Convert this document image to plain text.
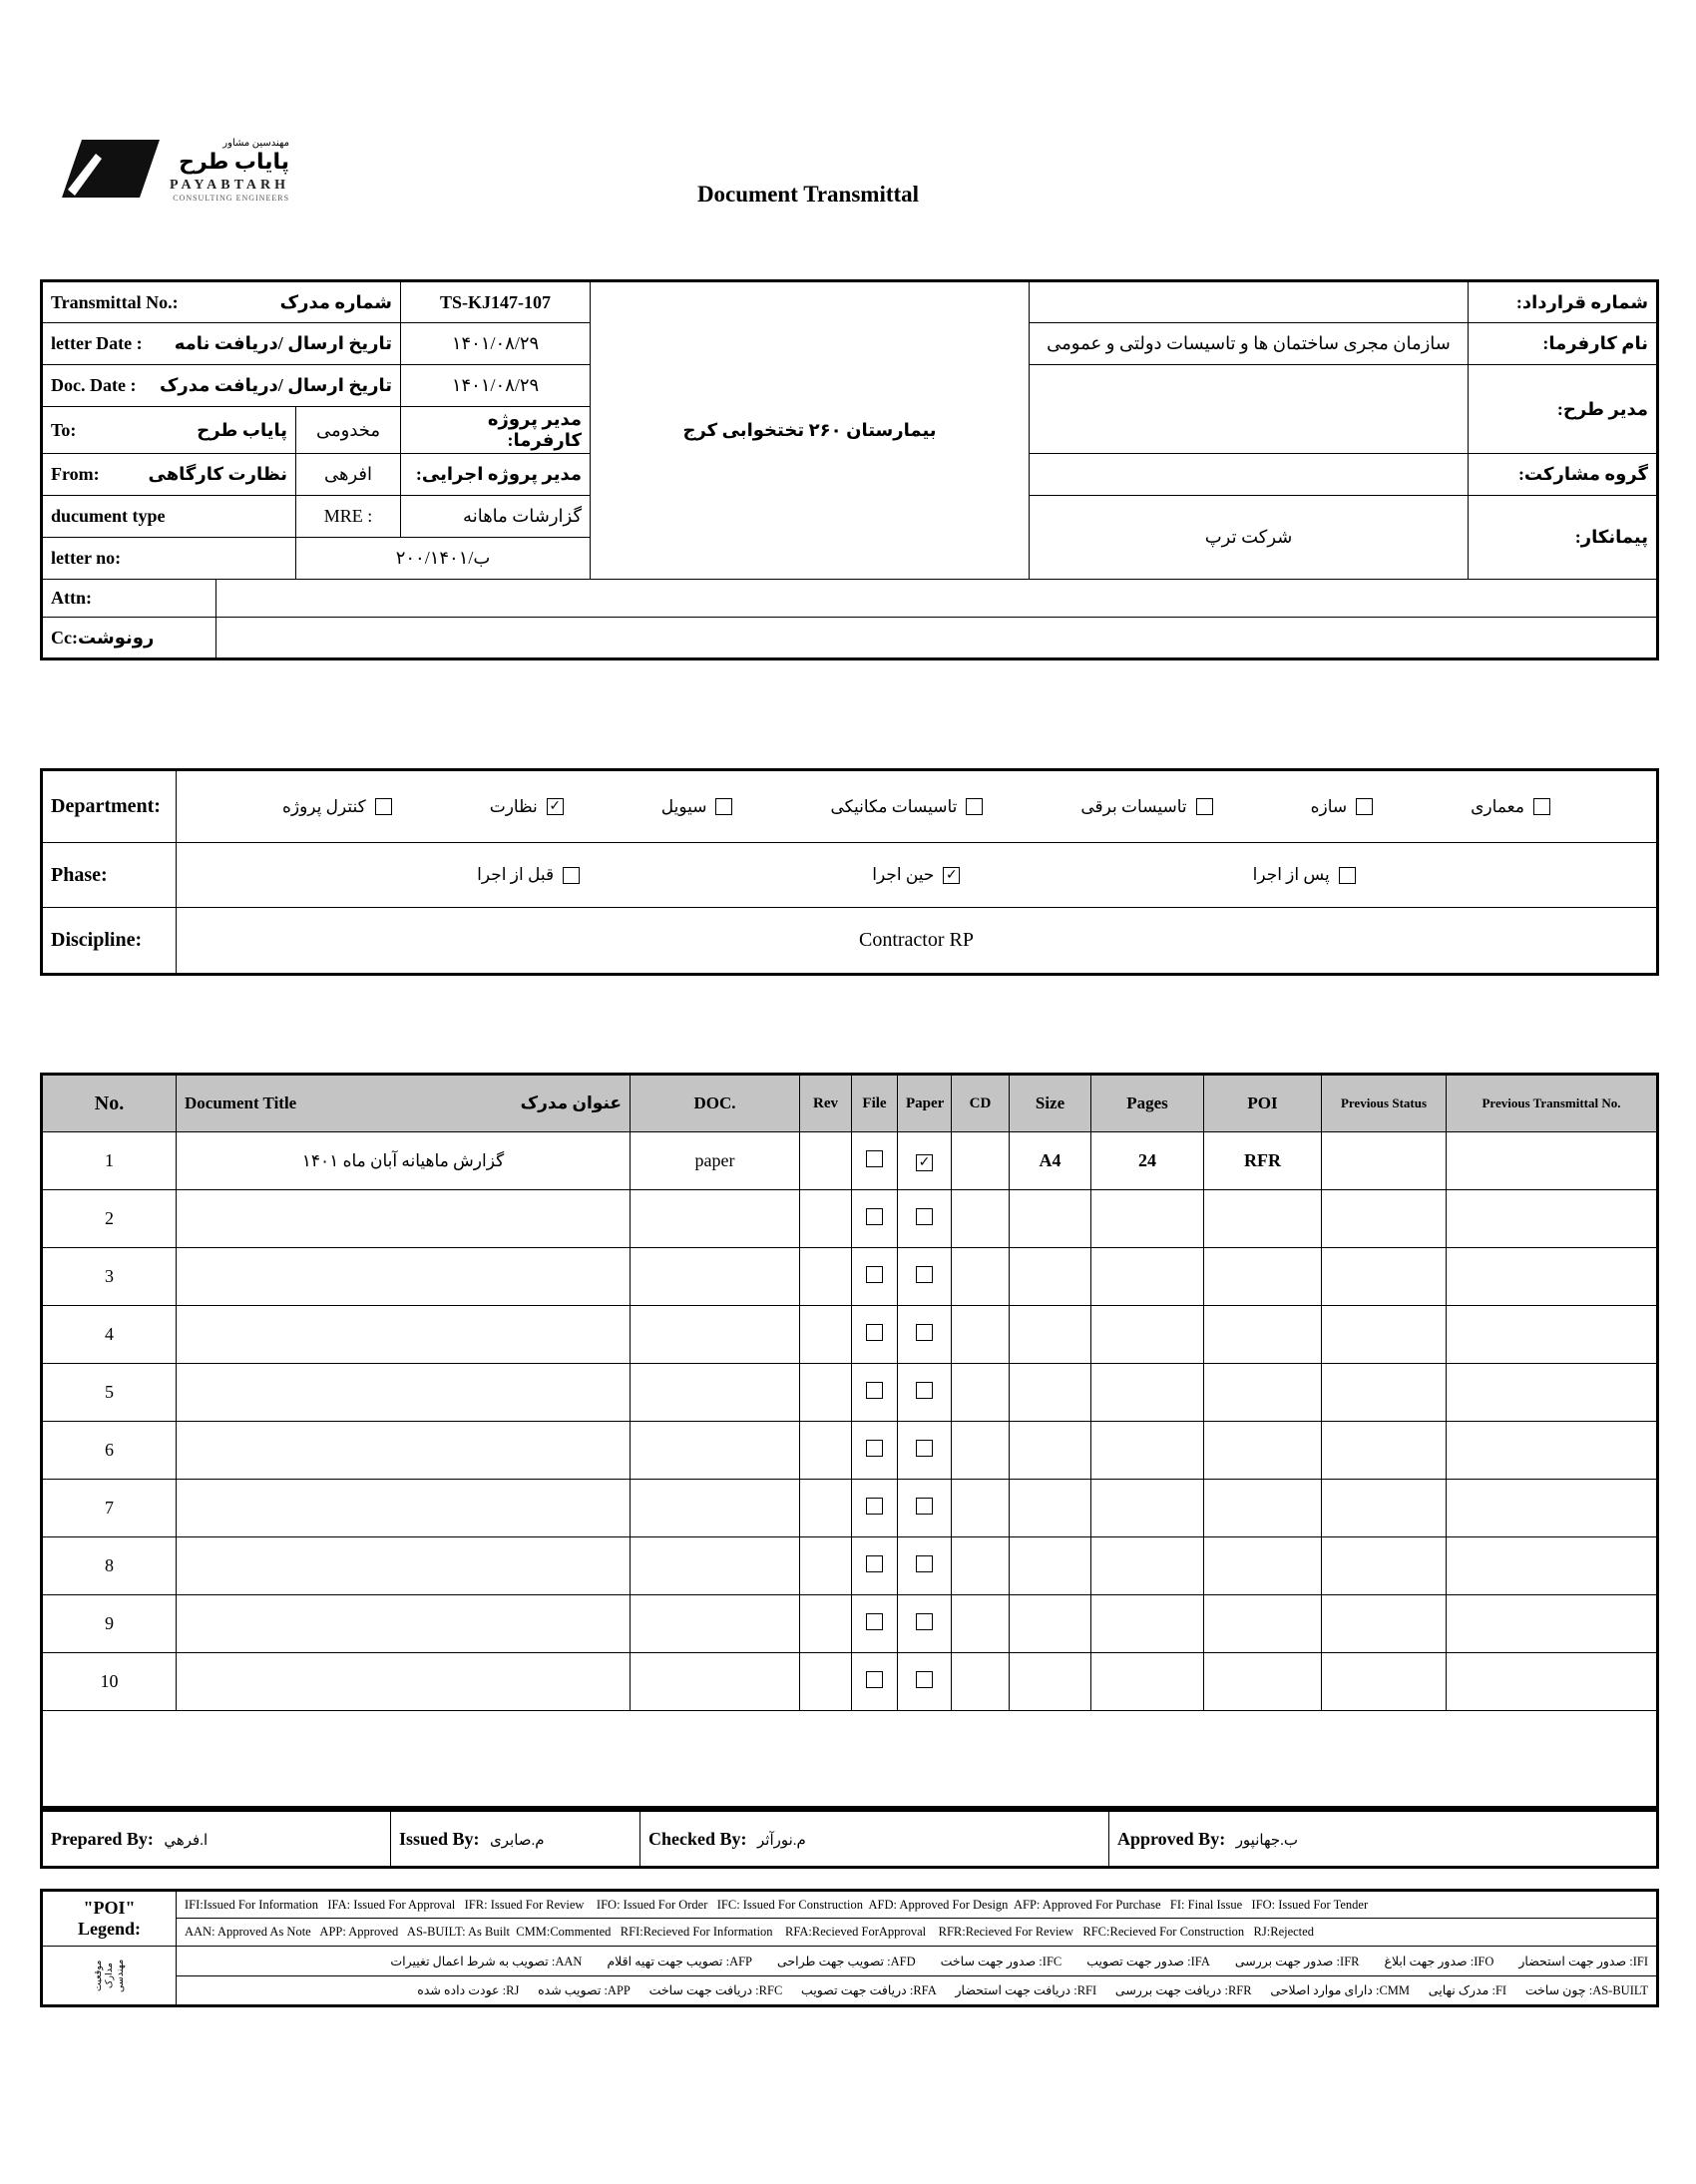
مهندسین مشاور
پایاب طرح
PAYABTARH
CONSULTING ENGINEERS	Document Transmittal
Transmittal No.: شماره مدرک			TS-KJ147-107	بیمارستان ۲۶۰ تختخوابی کرج		شماره قرارداد:

letter Date : تاریخ ارسال /دریافت نامه			۱۴۰۱/۰۸/۲۹		سازمان مجری ساختمان ها و تاسیسات دولتی و عمومی	نام کارفرما:

Doc. Date : تاریخ ارسال /دریافت مدرک			۱۴۰۱/۰۸/۲۹			مدیر طرح:

To: پایاب طرح		مخدومی	مدیر پروژه کارفرما:			

From: نظارت کارگاهی		افرهی	مدیر پروژه اجرایی:			گروه مشارکت:
ducument type		MRE :	گزارشات ماهانه		شرکت ترپ	پیمانکار:
letter no:		۲۰۰/ب/۱۴۰۱				
Attn:						
Cc:رونوشت						
Department:	کنترل پروژه	نظارت ✓	سیویل	تاسیسات مکانیکی	تاسیسات برقی	سازه	معماری

Phase:	قبل از اجرا حین اجرا ✓ پس از اجرا

Discipline:	Contractor RP
No.	Document Title عنوان مدرک	DOC.	Rev	File	Paper	CD	Size	Pages	POI	Previous Status	Previous Transmittal No.
1	گزارش ماهیانه آبان ماه ۱۴۰۱	paper			✓		A4	24	RFR		
2											
3											
4											
5											
6											
7											
8											
9											
10											

Prepared By: ا.فرهي	Issued By: م.صابری	Checked By: م.نورآثر	Approved By: ب.جهانپور
"POI" Legend:	IFI:Issued For Information   IFA: Issued For Approval   IFR: Issued For Review    IFO: Issued For Order   IFC: Issued For Construction  AFD: Approved For Design  AFP: Approved For Purchase   FI: Final Issue   IFO: Issued For Tender
	AAN: Approved As Note   APP: Approved   AS-BUILT: As Built  CMM:Commented   RFI:Recieved For Information    RFA:Recieved ForApproval    RFR:Recieved For Review   RFC:Recieved For Construction   RJ:Rejected

موقعیت مدارک مهندسی	IFI: صدور جهت استحضار        IFO: صدور جهت ابلاغ        IFR: صدور جهت بررسی        IFA: صدور جهت تصویب        IFC: صدور جهت ساخت        AFD: تصویب جهت طراحی        AFP: تصویب جهت تهیه اقلام        AAN: تصویب به شرط اعمال تغییرات
	AS-BUILT: چون ساخت      FI: مدرک نهایی      CMM: دارای موارد اصلاحی      RFR: دریافت جهت بررسی      RFI: دریافت جهت استحضار      RFA: دریافت جهت تصویب      RFC: دریافت جهت ساخت      APP: تصویب شده      RJ: عودت داده شده
